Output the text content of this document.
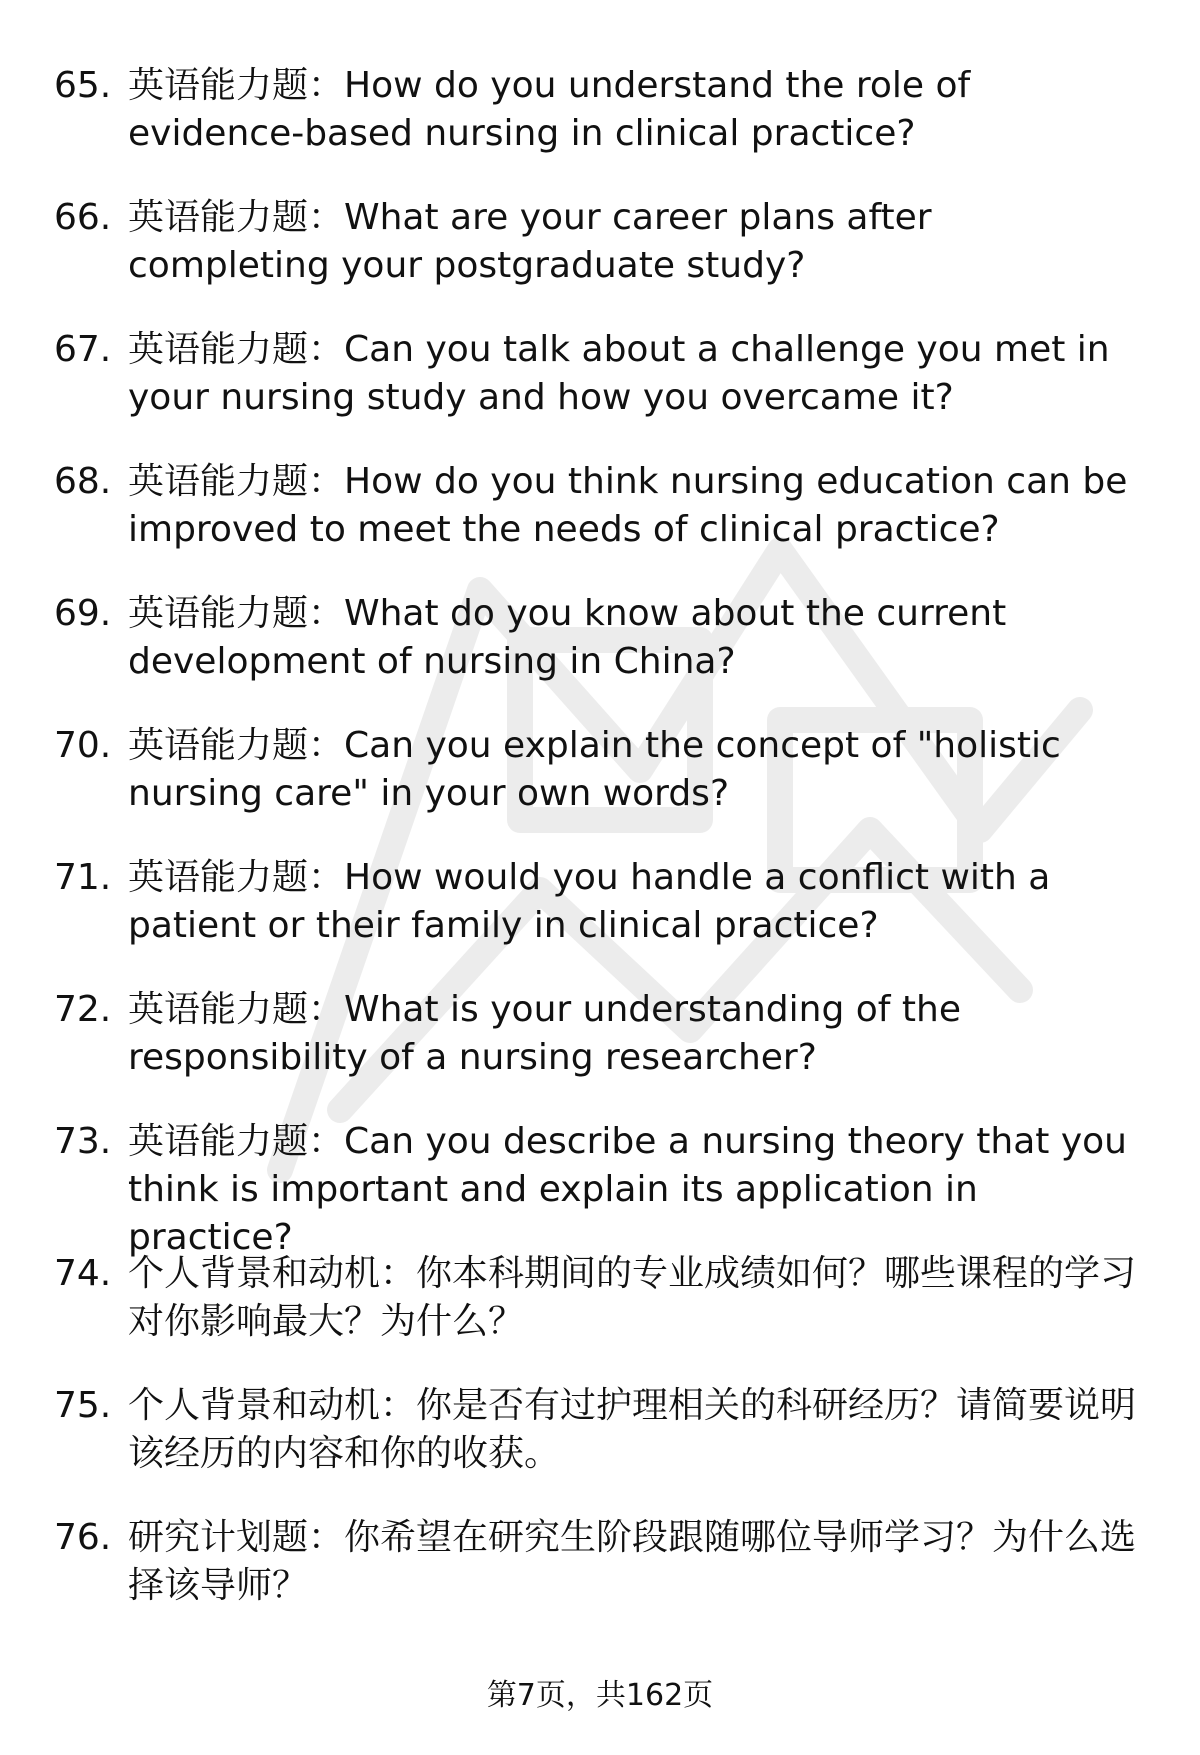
65. 英语能力题：How do you understand the role of evidence-based nursing in clinical practice?
66. 英语能力题：What are your career plans after completing your postgraduate study?
67. 英语能力题：Can you talk about a challenge you met in your nursing study and how you overcame it?
68. 英语能力题：How do you think nursing education can be improved to meet the needs of clinical practice?
69. 英语能力题：What do you know about the current development of nursing in China?
70. 英语能力题：Can you explain the concept of "holistic nursing care" in your own words?
71. 英语能力题：How would you handle a conflict with a patient or their family in clinical practice?
72. 英语能力题：What is your understanding of the responsibility of a nursing researcher?
73. 英语能力题：Can you describe a nursing theory that you think is important and explain its application in practice?
74. 个人背景和动机：你本科期间的专业成绩如何？哪些课程的学习对你影响最大？为什么？
75. 个人背景和动机：你是否有过护理相关的科研经历？请简要说明该经历的内容和你的收获。
76. 研究计划题：你希望在研究生阶段跟随哪位导师学习？为什么选择该导师？
第7页，共162页
